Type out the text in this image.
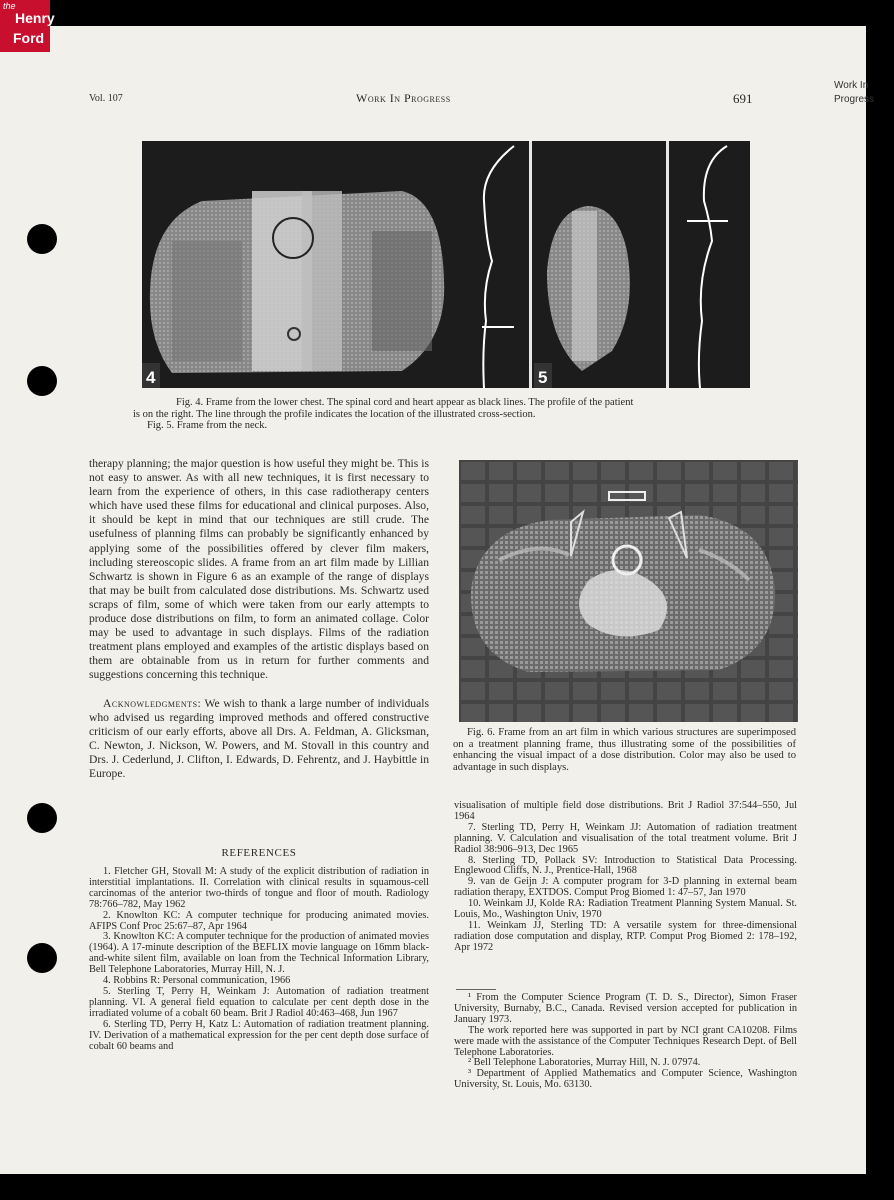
the
Henry
Ford
Vol. 107	Work In Progress	691
Work In
Progress
4	5
Fig. 4. Frame from the lower chest. The spinal cord and heart appear as black lines. The profile of the patient
is on the right. The line through the profile indicates the location of the illustrated cross-section.
Fig. 5. Frame from the neck.

therapy planning; the major question is how useful they might be. This is not easy to answer. As with all new techniques, it is first necessary to learn from the experience of others, in this case radiotherapy centers which have used these films for educational and clinical purposes. Also, it should be kept in mind that our techniques are still crude. The usefulness of planning films can probably be significantly enhanced by applying some of the possibilities offered by clever film makers, including stereoscopic slides. A frame from an art film made by Lillian Schwartz is shown in Figure 6 as an example of the range of displays that may be built from calculated dose distributions. Ms. Schwartz used scraps of film, some of which were taken from our early attempts to produce dose distributions on film, to form an animated collage. Color may be used to advantage in such displays. Films of the radiation treatment plans employed and examples of the artistic displays based on them are obtainable from us in return for further comments and suggestions concerning this technique.

Acknowledgments: We wish to thank a large number of individuals who advised us regarding improved methods and offered constructive criticism of our early efforts, above all Drs. A. Feldman, A. Glicksman, C. Newton, J. Nickson, W. Powers, and M. Stovall in this country and Drs. J. Cederlund, J. Clifton, I. Edwards, D. Fehrentz, and J. Haybittle in Europe.

REFERENCES

1. Fletcher GH, Stovall M: A study of the explicit distribution of radiation in interstitial implantations. II. Correlation with clinical results in squamous-cell carcinomas of the anterior two-thirds of tongue and floor of mouth. Radiology 78:766–782, May 1962

2. Knowlton KC: A computer technique for producing animated movies. AFIPS Conf Proc 25:67–87, Apr 1964

3. Knowlton KC: A computer technique for the production of animated movies (1964). A 17-minute description of the BEFLIX movie language on 16mm black-and-white silent film, available on loan from the Technical Information Library, Bell Telephone Laboratories, Murray Hill, N. J.

4. Robbins R: Personal communication, 1966

5. Sterling T, Perry H, Weinkam J: Automation of radiation treatment planning. VI. A general field equation to calculate per cent depth dose in the irradiated volume of a cobalt 60 beam. Brit J Radiol 40:463–468, Jun 1967

6. Sterling TD, Perry H, Katz L: Automation of radiation treatment planning. IV. Derivation of a mathematical expression for the per cent depth dose surface of cobalt 60 beams and

Fig. 6. Frame from an art film in which various structures are superimposed on a treatment planning frame, thus illustrating some of the possibilities of enhancing the visual impact of a dose distribution. Color may also be used to advantage in such displays.

visualisation of multiple field dose distributions. Brit J Radiol 37:544–550, Jul 1964

7. Sterling TD, Perry H, Weinkam JJ: Automation of radiation treatment planning. V. Calculation and visualisation of the total treatment volume. Brit J Radiol 38:906–913, Dec 1965

8. Sterling TD, Pollack SV: Introduction to Statistical Data Processing. Englewood Cliffs, N. J., Prentice-Hall, 1968

9. van de Geijn J: A computer program for 3-D planning in external beam radiation therapy, EXTDOS. Comput Prog Biomed 1: 47–57, Jan 1970

10. Weinkam JJ, Kolde RA: Radiation Treatment Planning System Manual. St. Louis, Mo., Washington Univ, 1970

11. Weinkam JJ, Sterling TD: A versatile system for three-dimensional radiation dose computation and display, RTP. Comput Prog Biomed 2: 178–192, Apr 1972

¹ From the Computer Science Program (T. D. S., Director), Simon Fraser University, Burnaby, B.C., Canada. Revised version accepted for publication in January 1973.

The work reported here was supported in part by NCI grant CA10208. Films were made with the assistance of the Computer Techniques Research Dept. of Bell Telephone Laboratories.

² Bell Telephone Laboratories, Murray Hill, N. J. 07974.

³ Department of Applied Mathematics and Computer Science, Washington University, St. Louis, Mo. 63130.
